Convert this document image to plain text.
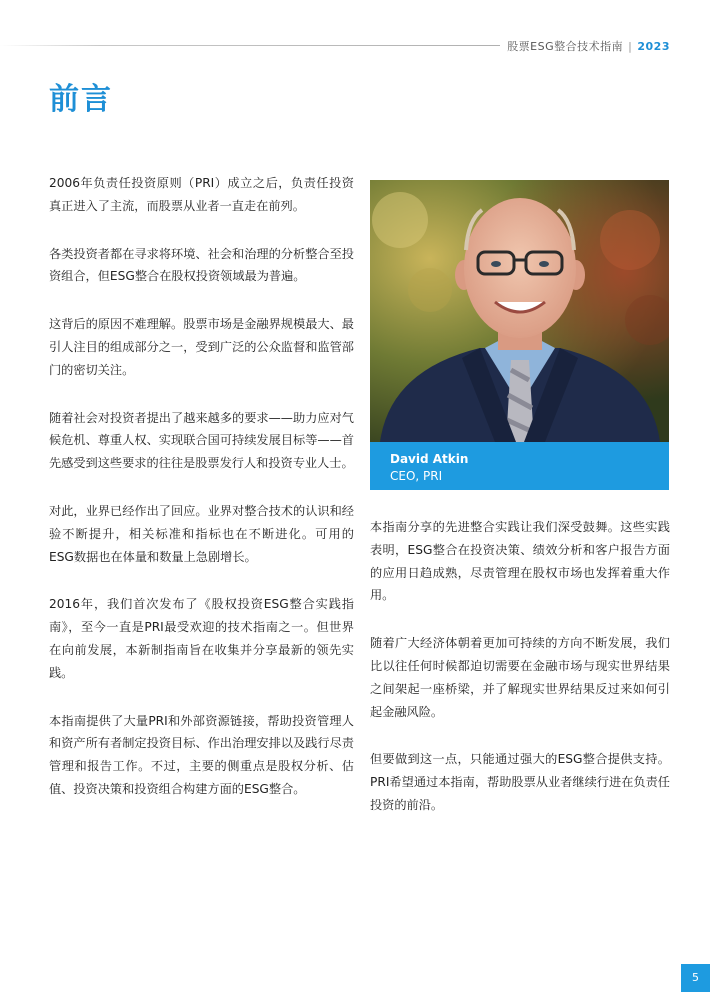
股票ESG整合技术指南 | 2023
前言

2006年负责任投资原则（PRI）成立之后，负责任投资真正进入了主流，而股票从业者一直走在前列。

各类投资者都在寻求将环境、社会和治理的分析整合至投资组合，但ESG整合在股权投资领域最为普遍。

这背后的原因不难理解。股票市场是金融界规模最大、最引人注目的组成部分之一，受到广泛的公众监督和监管部门的密切关注。

随着社会对投资者提出了越来越多的要求——助力应对气候危机、尊重人权、实现联合国可持续发展目标等——首先感受到这些要求的往往是股票发行人和投资专业人士。

对此，业界已经作出了回应。业界对整合技术的认识和经验不断提升，相关标准和指标也在不断进化。可用的ESG数据也在体量和数量上急剧增长。

2016年，我们首次发布了《股权投资ESG整合实践指南》，至今一直是PRI最受欢迎的技术指南之一。但世界在向前发展，本新制指南旨在收集并分享最新的领先实践。

本指南提供了大量PRI和外部资源链接，帮助投资管理人和资产所有者制定投资目标、作出治理安排以及践行尽责管理和报告工作。不过，主要的侧重点是股权分析、估值、投资决策和投资组合构建方面的ESG整合。

David Atkin
CEO, PRI

本指南分享的先进整合实践让我们深受鼓舞。这些实践表明，ESG整合在投资决策、绩效分析和客户报告方面的应用日趋成熟，尽责管理在股权市场也发挥着重大作用。

随着广大经济体朝着更加可持续的方向不断发展，我们比以往任何时候都迫切需要在金融市场与现实世界结果之间架起一座桥梁，并了解现实世界结果反过来如何引起金融风险。

但要做到这一点，只能通过强大的ESG整合提供支持。PRI希望通过本指南，帮助股票从业者继续行进在负责任投资的前沿。

5
